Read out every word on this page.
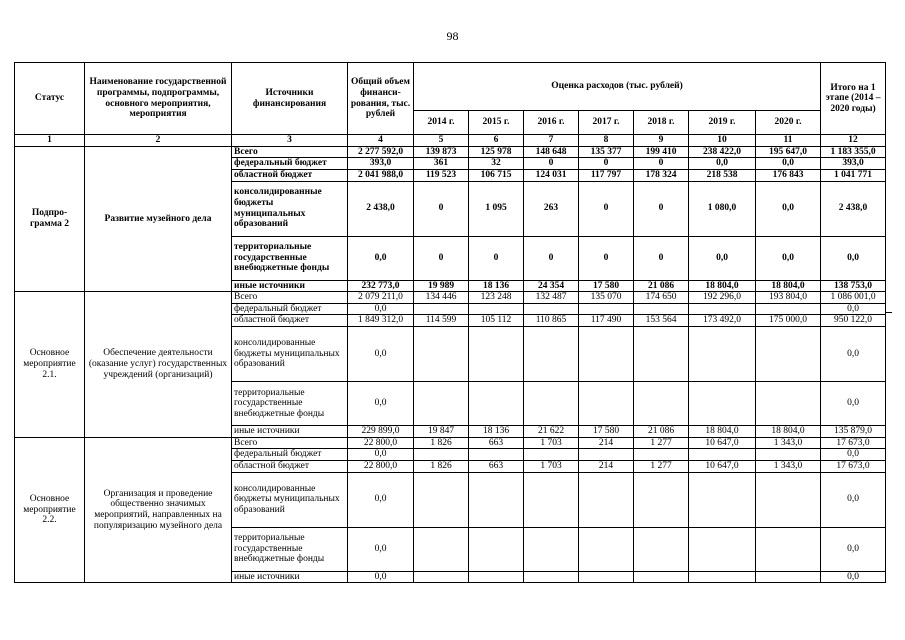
98
Статус	Наименование государственной программы, подпрограммы, основного мероприятия, мероприятия	Источники финансирования	Общий объем финанси-рования, тыс. рублей	Оценка расходов (тыс. рублей)							Итого на 1 этапе (2014 – 2020 годы)
				2014 г.	2015 г.	2016 г.	2017 г.	2018 г.	2019 г.	2020 г.	
1	2	3	4	5	6	7	8	9	10	11	12
Подпро-грамма 2	Развитие музейного дела	Всего	2 277 592,0	139 873	125 978	148 648	135 377	199 410	238 422,0	195 647,0	1 183 355,0
		федеральный бюджет	393,0	361	32	0	0	0	0,0	0,0	393,0
		областной бюджет	2 041 988,0	119 523	106 715	124 031	117 797	178 324	218 538	176 843	1 041 771
		консолидированные бюджеты муниципальных образований	2 438,0	0	1 095	263	0	0	1 080,0	0,0	2 438,0
		территориальные государственные внебюджетные фонды	0,0	0	0	0	0	0	0,0	0,0	0,0
		иные источники	232 773,0	19 989	18 136	24 354	17 580	21 086	18 804,0	18 804,0	138 753,0
Основное мероприятие 2.1.	Обеспечение деятельности (оказание услуг) государственных учреждений (организаций)	Всего	2 079 211,0	134 446	123 248	132 487	135 070	174 650	192 296,0	193 804,0	1 086 001,0
		федеральный бюджет	0,0								0,0
		областной бюджет	1 849 312,0	114 599	105 112	110 865	117 490	153 564	173 492,0	175 000,0	950 122,0
		консолидированные бюджеты муниципальных образований	0,0								0,0
		территориальные государственные внебюджетные фонды	0,0								0,0
		иные источники	229 899,0	19 847	18 136	21 622	17 580	21 086	18 804,0	18 804,0	135 879,0
Основное мероприятие 2.2.	Организация и проведение общественно значимых мероприятий, направленных на популяризацию музейного дела	Всего	22 800,0	1 826	663	1 703	214	1 277	10 647,0	1 343,0	17 673,0
		федеральный бюджет	0,0								0,0
		областной бюджет	22 800,0	1 826	663	1 703	214	1 277	10 647,0	1 343,0	17 673,0
		консолидированные бюджеты муниципальных образований	0,0								0,0
		территориальные государственные внебюджетные фонды	0,0								0,0
		иные источники	0,0								0,0
